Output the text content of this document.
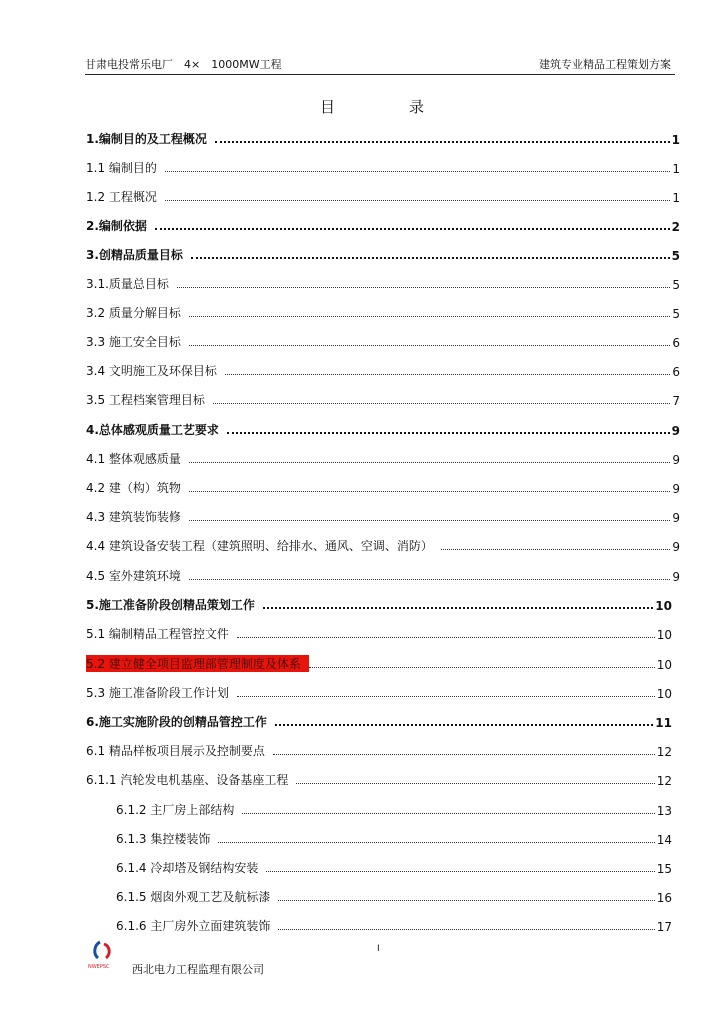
甘肃电投常乐电厂　4×　1000MW工程	建筑专业精品工程策划方案
目录
1.编制目的及工程概况	1
1.1 编制目的	1
1.2 工程概况	1
2.编制依据	2
3.创精品质量目标	5
3.1.质量总目标	5
3.2 质量分解目标	5
3.3 施工安全目标	6
3.4 文明施工及环保目标	6
3.5 工程档案管理目标	7
4.总体感观质量工艺要求	9
4.1 整体观感质量	9
4.2 建（构）筑物	9
4.3 建筑装饰装修	9
4.4 建筑设备安装工程（建筑照明、给排水、通风、空调、消防）	9
4.5 室外建筑环境	9
5.施工准备阶段创精品策划工作	10
5.1 编制精品工程管控文件	10
5.2 建立健全项目监理部管理制度及体系	10
5.3 施工准备阶段工作计划	10
6.施工实施阶段的创精品管控工作	11
6.1 精品样板项目展示及控制要点	12
6.1.1 汽轮发电机基座、设备基座工程	12
6.1.2 主厂房上部结构	13
6.1.3 集控楼装饰	14
6.1.4 冷却塔及钢结构安装	15
6.1.5 烟囱外观工艺及航标漆	16
6.1.6 主厂房外立面建筑装饰	17
I
NWEPSC 西北电力工程监理有限公司
